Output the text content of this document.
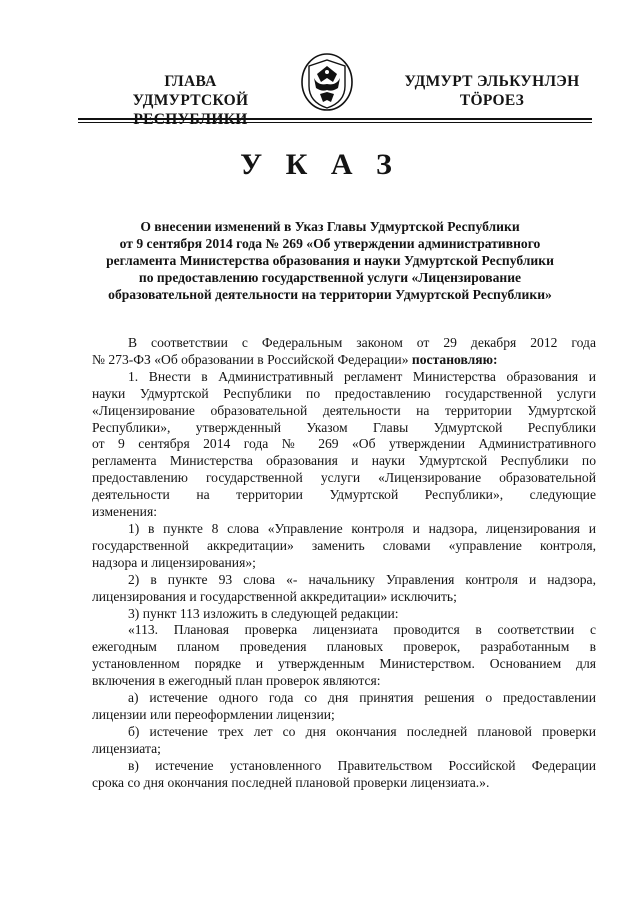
ГЛАВА
УДМУРТСКОЙ
УДМУРТ ЭЛЬКУНЛЭН
ТӦРОЕЗ
У К А З
О внесении изменений в Указ Главы Удмуртской Республики
от 9 сентября 2014 года № 269 «Об утверждении административного
регламента Министерства образования и науки Удмуртской Республики
по предоставлению государственной услуги «Лицензирование
образовательной деятельности на территории Удмуртской Республики»
В соответствии с Федеральным законом от 29 декабря 2012 года
№ 273-ФЗ «Об образовании в Российской Федерации» постановляю:
1. Внести в Административный регламент Министерства образования и
науки Удмуртской Республики по предоставлению государственной услуги
«Лицензирование образовательной деятельности на территории Удмуртской
Республики», утвержденный Указом Главы Удмуртской Республики
от 9 сентября 2014 года № 269 «Об утверждении Административного
регламента Министерства образования и науки Удмуртской Республики по
предоставлению государственной услуги «Лицензирование образовательной
деятельности на территории Удмуртской Республики», следующие
изменения:
1) в пункте 8 слова «Управление контроля и надзора, лицензирования и
государственной аккредитации» заменить словами «управление контроля,
надзора и лицензирования»;
2) в пункте 93 слова «- начальнику Управления контроля и надзора,
лицензирования и государственной аккредитации» исключить;
3) пункт 113 изложить в следующей редакции:
«113. Плановая проверка лицензиата проводится в соответствии с
ежегодным планом проведения плановых проверок, разработанным в
установленном порядке и утвержденным Министерством. Основанием для
включения в ежегодный план проверок являются:
а) истечение одного года со дня принятия решения о предоставлении
лицензии или переоформлении лицензии;
б) истечение трех лет со дня окончания последней плановой проверки
лицензиата;
в) истечение установленного Правительством Российской Федерации
срока со дня окончания последней плановой проверки лицензиата.».
